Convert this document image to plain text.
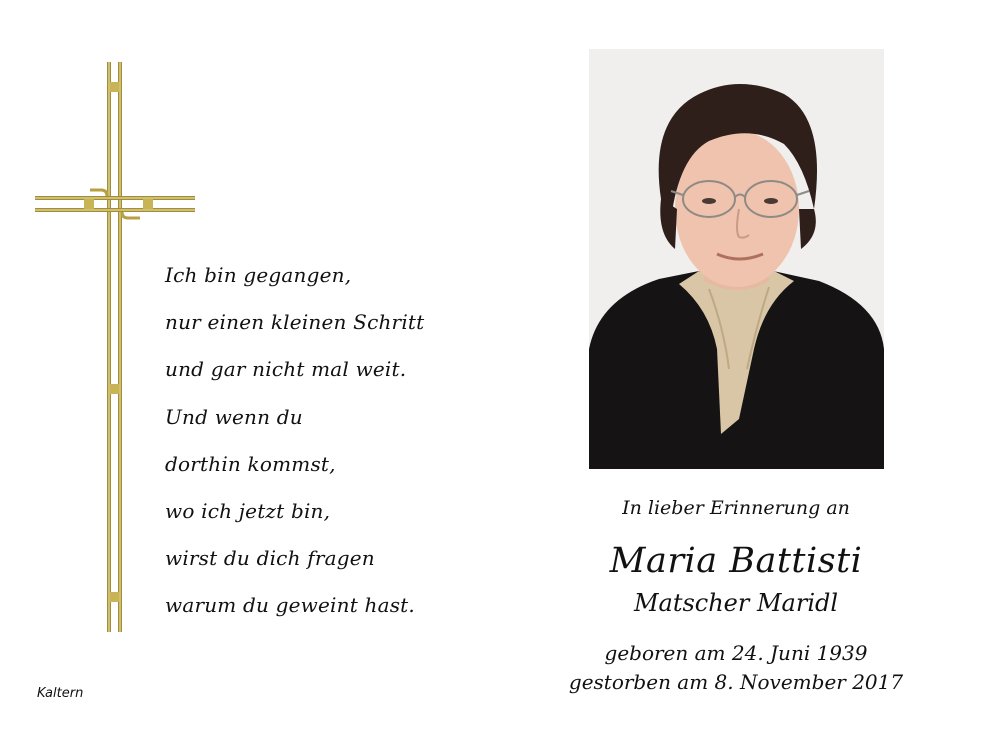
Ich bin gegangen,
nur einen kleinen Schritt
und gar nicht mal weit.
Und wenn du
dorthin kommst,
wo ich jetzt bin,
wirst du dich fragen
warum du geweint hast.
Kaltern
In lieber Erinnerung an
Maria Battisti
Matscher Maridl
geboren am 24. Juni 1939
gestorben am 8. November 2017
